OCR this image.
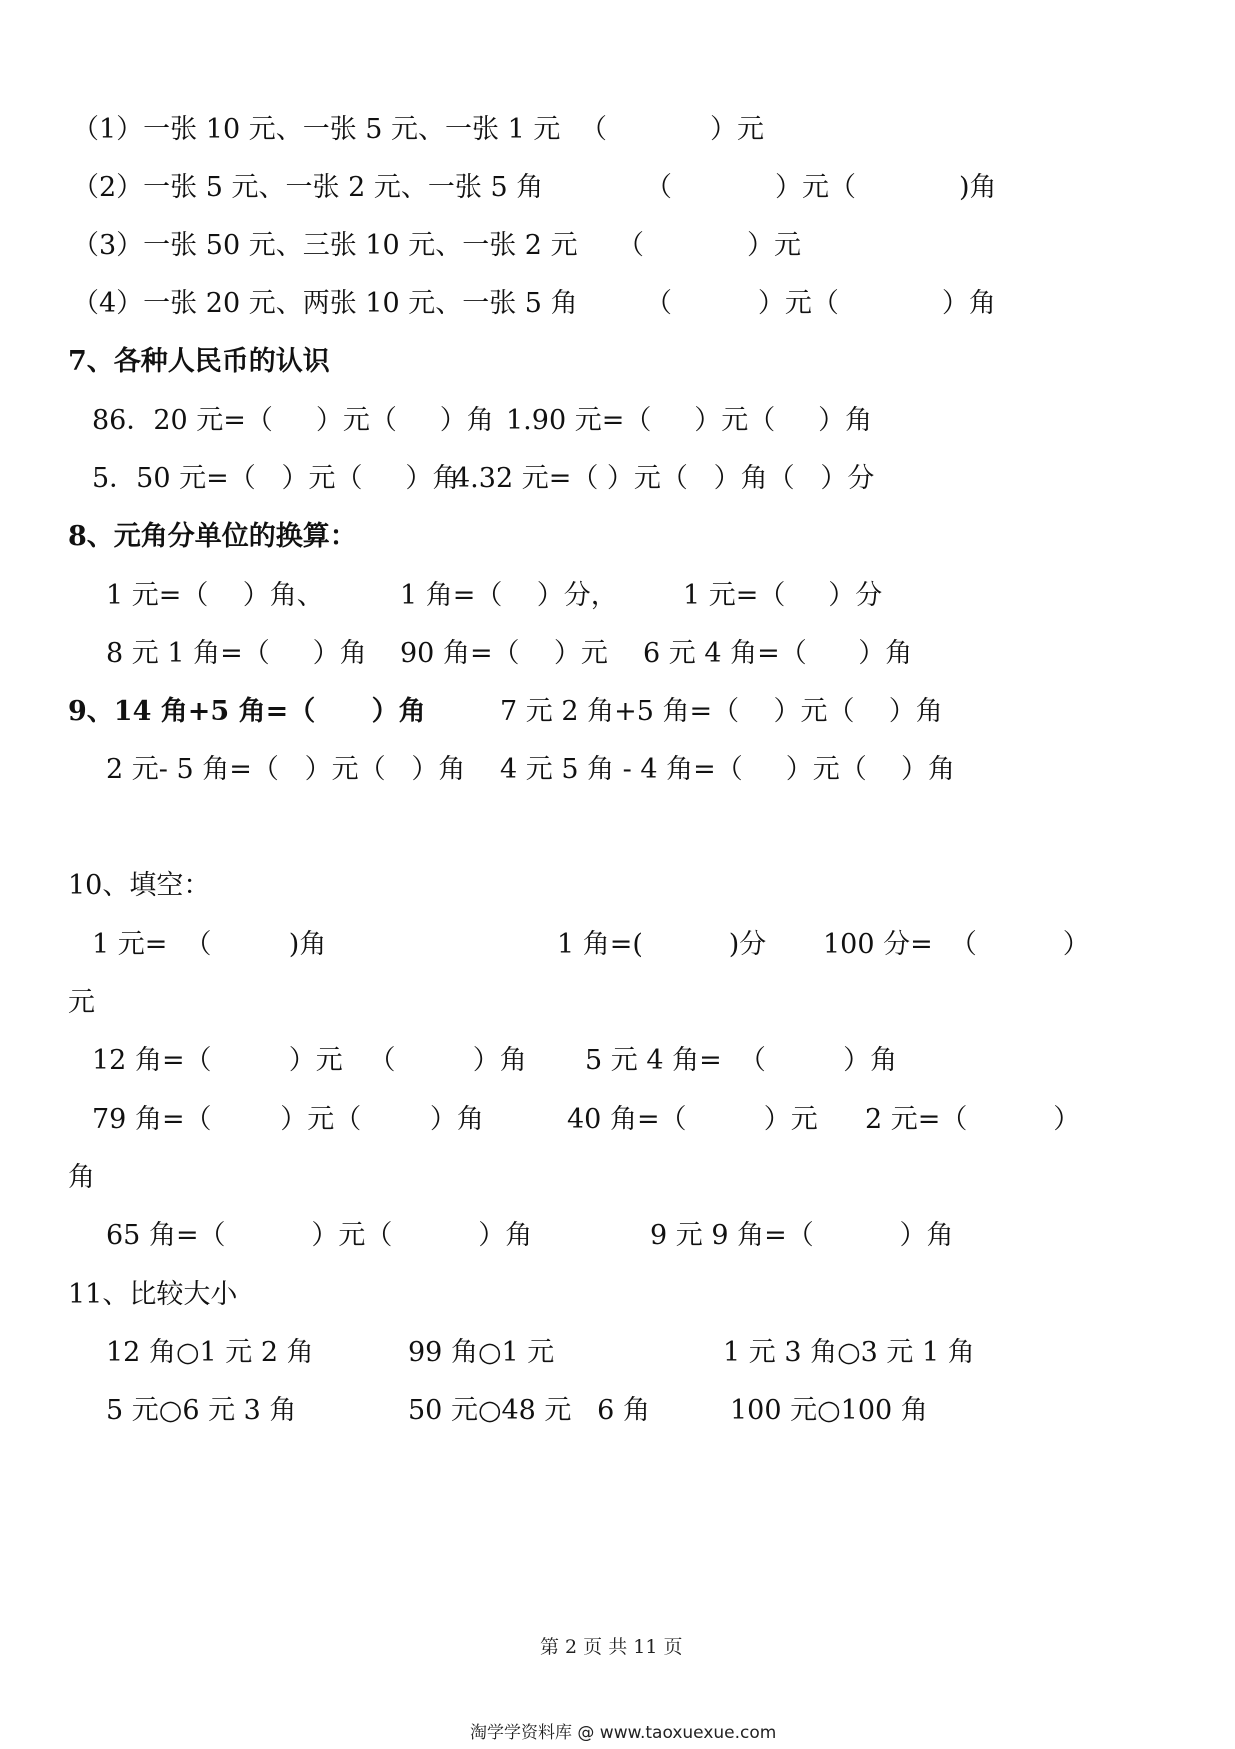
（1）一张 10 元、一张 5 元、一张 1 元 （            ）元
（2）一张 5 元、一张 2 元、一张 5 角	（            ）元（            )角
（3）一张 50 元、三张 10 元、一张 2 元 （            ）元
（4）一张 20 元、两张 10 元、一张 5 角 （          ）元（            ）角
7、各种人民币的认识
86．20 元=（     ）元（     ）角 1.90 元=（     ）元（     ）角
5．50 元=（   ）元（     ）角
4.32 元=（ ）元（   ）角（   ）分
8、元角分单位的换算：
1 元=（    ）角、	1 角=（    ）分， 1 元=（     ）分
8 元 1 角=（     ）角 90 角=（    ）元 6 元 4 角=（      ）角
9、14 角+5 角=（      ）角	7 元 2 角+5 角=（    ）元（    ）角
2 元- 5 角=（   ）元（   ）角 4 元 5 角 - 4 角=（     ）元（    ）角
10、填空：
1 元=  （         )角	1 角=(          )分 100 分=  （          ）
元
12 角=（         ）元   （         ）角 5 元 4 角=  （         ）角
79 角=（        ）元（        ）角	40 角=（         ）元 2 元=（          ）
角
65 角=（          ）元（          ）角	9 元 9 角=（          ）角
11、比较大小
12 角○1 元 2 角	99 角○1 元	1 元 3 角○3 元 1 角
5 元○6 元 3 角	50 元○48 元   6 角	100 元○100 角
第 2 页 共 11 页
淘学学资料库 @ www.taoxuexue.com
